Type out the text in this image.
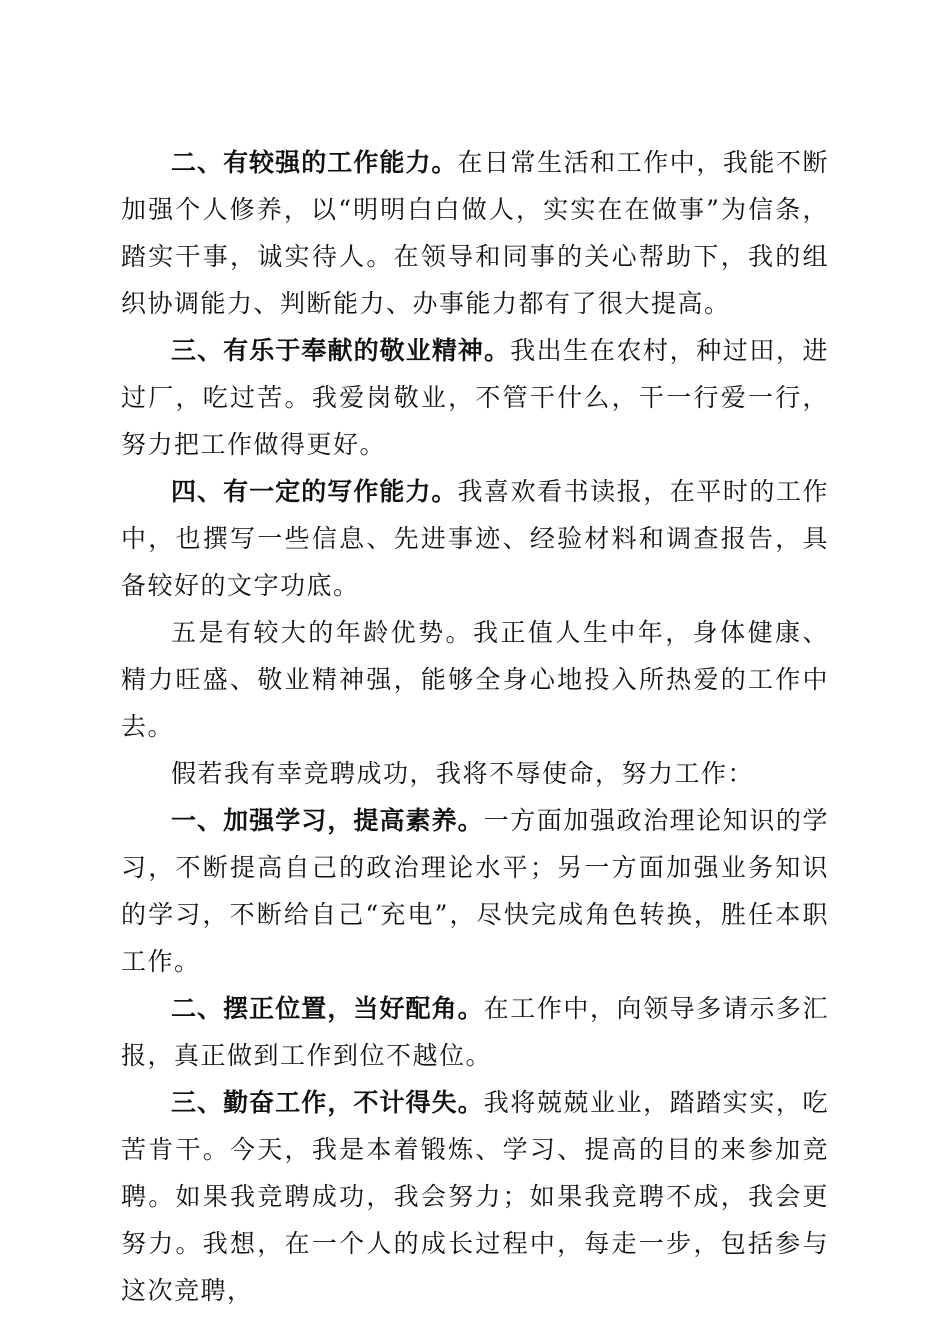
二、有较强的工作能力。在日常生活和工作中，我能不断加强个人修养，以“明明白白做人，实实在在做事”为信条，踏实干事，诚实待人。在领导和同事的关心帮助下，我的组织协调能力、判断能力、办事能力都有了很大提高。

三、有乐于奉献的敬业精神。我出生在农村，种过田，进过厂，吃过苦。我爱岗敬业，不管干什么，干一行爱一行，努力把工作做得更好。

四、有一定的写作能力。我喜欢看书读报，在平时的工作中，也撰写一些信息、先进事迹、经验材料和调查报告，具备较好的文字功底。

五是有较大的年龄优势。我正值人生中年，身体健康、精力旺盛、敬业精神强，能够全身心地投入所热爱的工作中去。

假若我有幸竞聘成功，我将不辱使命，努力工作：

一、加强学习，提高素养。一方面加强政治理论知识的学习，不断提高自己的政治理论水平；另一方面加强业务知识的学习，不断给自己“充电”，尽快完成角色转换，胜任本职工作。

二、摆正位置，当好配角。在工作中，向领导多请示多汇报，真正做到工作到位不越位。

三、勤奋工作，不计得失。我将兢兢业业，踏踏实实，吃苦肯干。今天，我是本着锻炼、学习、提高的目的来参加竞聘。如果我竞聘成功，我会努力；如果我竞聘不成，我会更努力。我想，在一个人的成长过程中，每走一步，包括参与这次竞聘，
